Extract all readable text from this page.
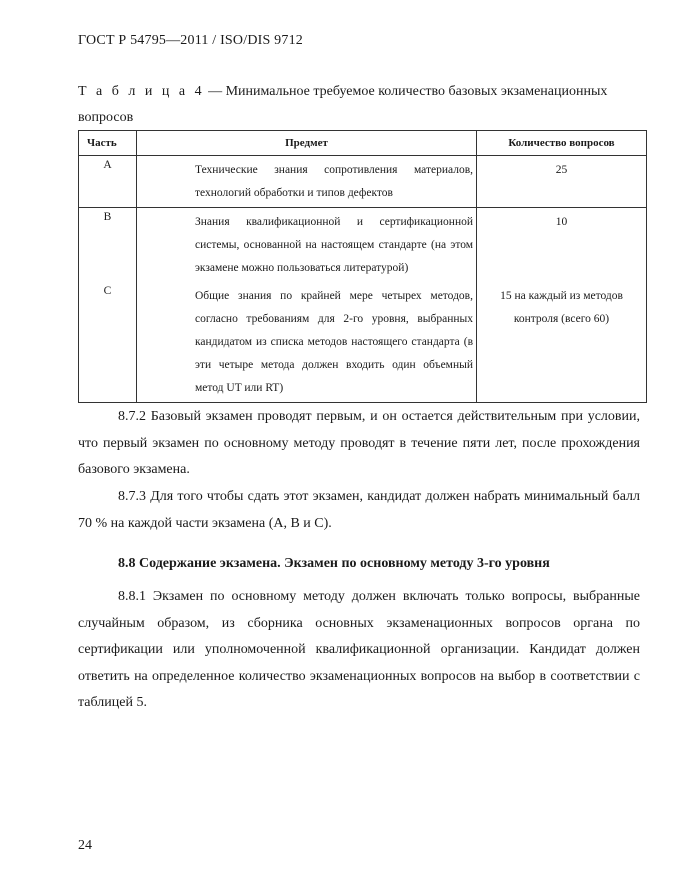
ГОСТ Р 54795—2011 / ISO/DIS 9712
Т а б л и ц а 4 — Минимальное требуемое количество базовых экзаменационных вопросов
Часть	Предмет	Количество вопросов
А	Технические знания сопротивления материалов, технологий обработки и типов дефектов	25
В	Знания квалификационной и сертификационной системы, основанной на настоящем стандарте (на этом экзамене можно пользоваться литературой)	10
С	Общие знания по крайней мере четырех методов, согласно требованиям для 2-го уровня, выбранных кандидатом из списка методов настоящего стандарта (в эти четыре метода должен входить один объемный метод UT или RT)	15 на каждый из методов контроля (всего 60)
8.7.2 Базовый экзамен проводят первым, и он остается действительным при условии, что первый экзамен по основному методу проводят в течение пяти лет, после прохождения базового экзамена.
8.7.3 Для того чтобы сдать этот экзамен, кандидат должен набрать минимальный балл 70 % на каждой части экзамена (А, В и С).
8.8 Содержание экзамена. Экзамен по основному методу 3-го уровня
8.8.1 Экзамен по основному методу должен включать только вопросы, выбранные случайным образом, из сборника основных экзаменационных вопросов органа по сертификации или уполномоченной квалификационной организации. Кандидат должен ответить на определенное количество экзаменационных вопросов на выбор в соответствии с таблицей 5.
24
